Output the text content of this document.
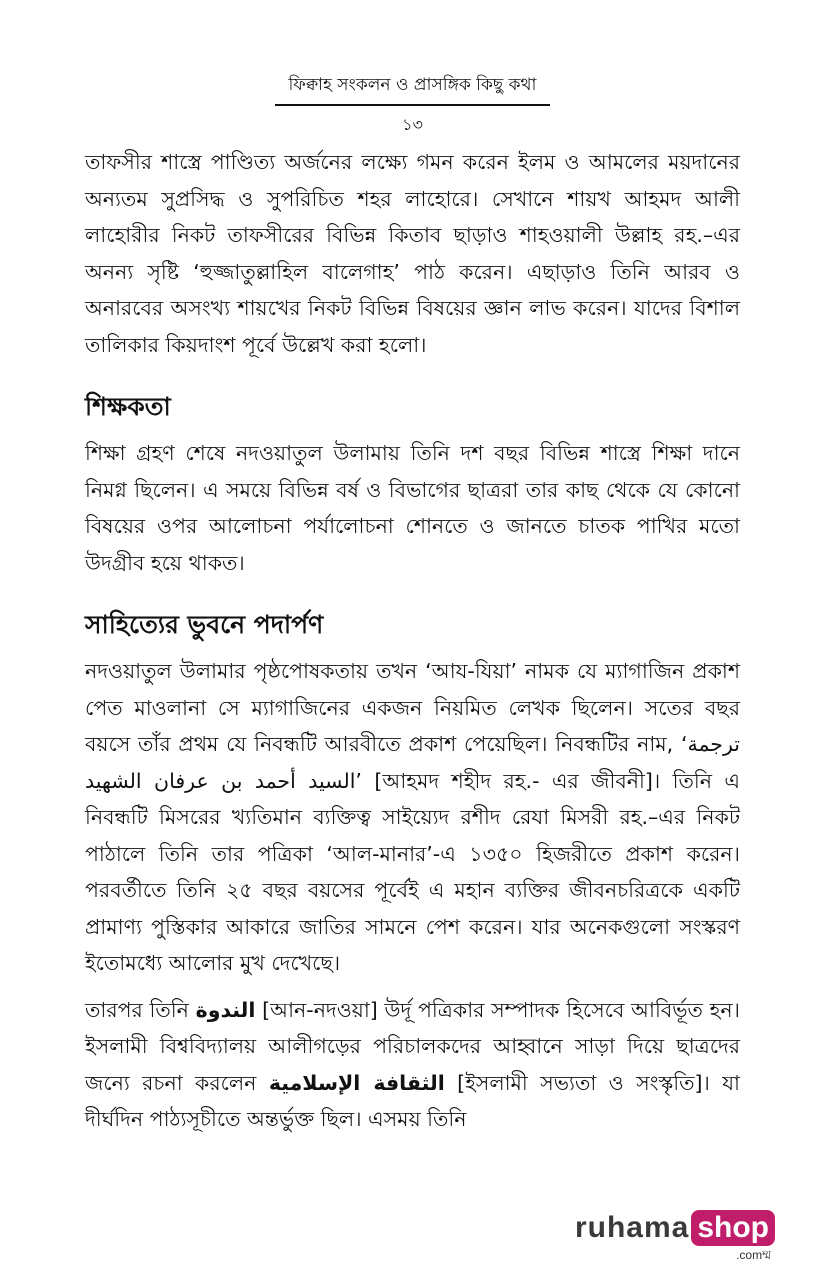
ফিক্বাহ সংকলন ও প্রাসঙ্গিক কিছু কথা
১৩

তাফসীর শাস্ত্রে পাণ্ডিত্য অর্জনের লক্ষ্যে গমন করেন ইলম ও আমলের ময়দানের অন্যতম সুপ্রসিদ্ধ ও সুপরিচিত শহর লাহোরে। সেখানে শায়খ আহমদ আলী লাহোরীর নিকট তাফসীরের বিভিন্ন কিতাব ছাড়াও শাহওয়ালী উল্লাহ রহ.–এর অনন্য সৃষ্টি ‘হুজ্জাতুল্লাহিল বালেগাহ’ পাঠ করেন। এছাড়াও তিনি আরব ও অনারবের অসংখ্য শায়খের নিকট বিভিন্ন বিষয়ের জ্ঞান লাভ করেন। যাদের বিশাল তালিকার কিয়দাংশ পূর্বে উল্লেখ করা হলো।

শিক্ষকতা

শিক্ষা গ্রহণ শেষে নদওয়াতুল উলামায় তিনি দশ বছর বিভিন্ন শাস্ত্রে শিক্ষা দানে নিমগ্ন ছিলেন। এ সময়ে বিভিন্ন বর্ষ ও বিভাগের ছাত্ররা তার কাছ থেকে যে কোনো বিষয়ের ওপর আলোচনা পর্যালোচনা শোনতে ও জানতে চাতক পাখির মতো উদগ্রীব হয়ে থাকত।

সাহিত্যের ভুবনে পদার্পণ

নদওয়াতুল উলামার পৃষ্ঠপোষকতায় তখন ‘আয-যিয়া’ নামক যে ম্যাগাজিন প্রকাশ পেত মাওলানা সে ম্যাগাজিনের একজন নিয়মিত লেখক ছিলেন। সতের বছর বয়সে তাঁর প্রথম যে নিবন্ধটি আরবীতে প্রকাশ পেয়েছিল। নিবন্ধটির নাম, ‘ترجمة السيد أحمد بن عرفان الشهيد’ [আহমদ শহীদ রহ.- এর জীবনী]। তিনি এ নিবন্ধটি মিসরের খ্যতিমান ব্যক্তিত্ব সাইয়্যেদ রশীদ রেযা মিসরী রহ.–এর নিকট পাঠালে তিনি তার পত্রিকা ‘আল-মানার’-এ ১৩৫০ হিজরীতে প্রকাশ করেন। পরবর্তীতে তিনি ২৫ বছর বয়সের পূর্বেই এ মহান ব্যক্তির জীবনচরিত্রকে একটি প্রামাণ্য পুস্তিকার আকারে জাতির সামনে পেশ করেন। যার অনেকগুলো সংস্করণ ইতোমধ্যে আলোর মুখ দেখেছে।

তারপর তিনি الندوة [আন-নদওয়া] উর্দূ পত্রিকার সম্পাদক হিসেবে আবির্ভূত হন। ইসলামী বিশ্ববিদ্যালয় আলীগড়ের পরিচালকদের আহ্বানে সাড়া দিয়ে ছাত্রদের জন্যে রচনা করলেন الثقافة الإسلامية [ইসলামী সভ্যতা ও সংস্কৃতি]। যা দীর্ঘদিন পাঠ্যসূচীতে অন্তর্ভুক্ত ছিল। এসময় তিনি

ruhama shop
.comম্ম
